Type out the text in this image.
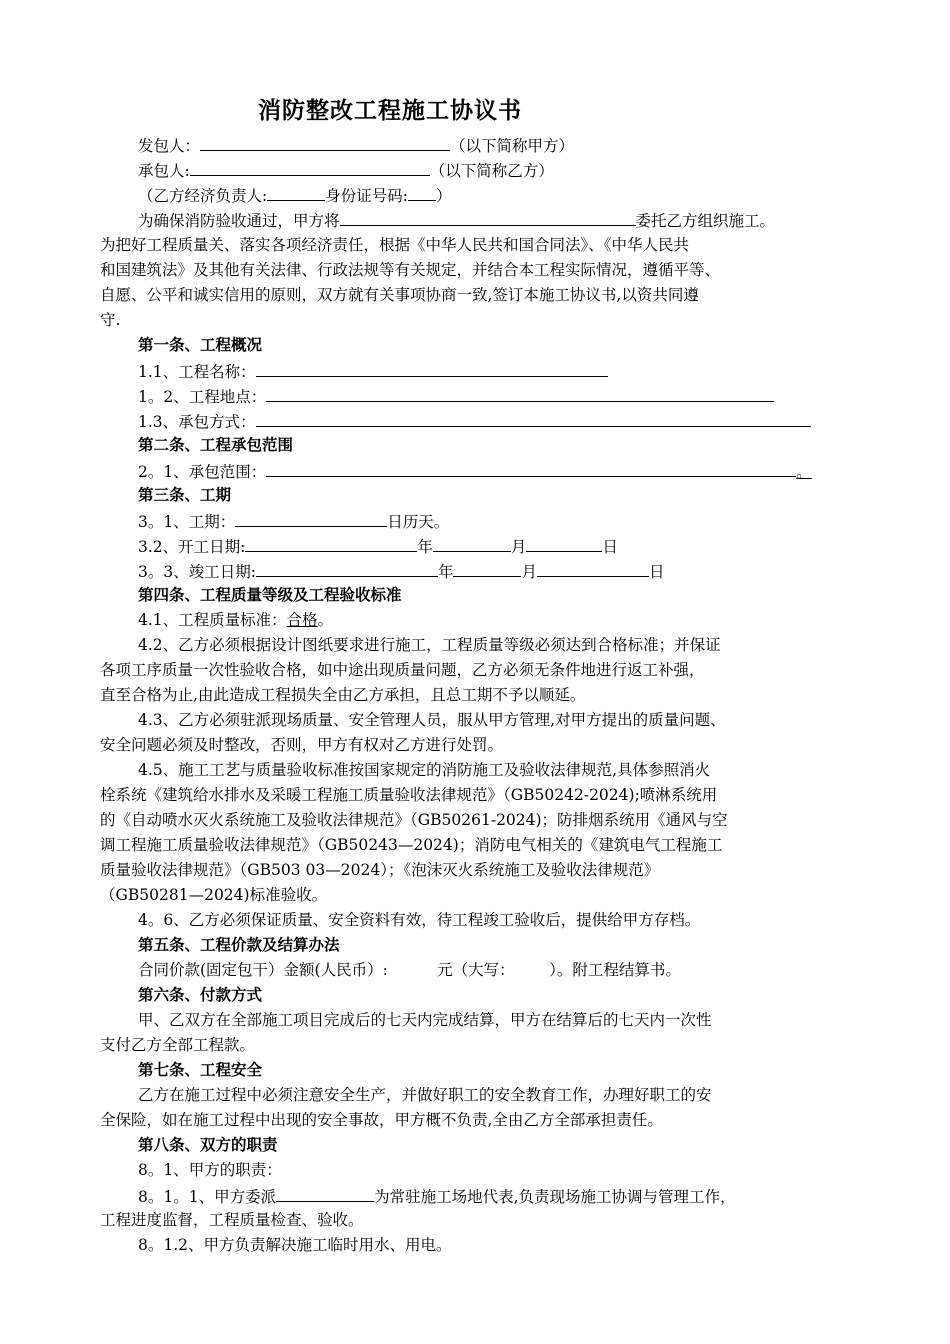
消防整改工程施工协议书
发包人：	（以下简称甲方）
承包人:	（以下简称乙方）
（乙方经济负责人:	身份证号码: ）
为确保消防验收通过，甲方将	委托乙方组织施工。
为把好工程质量关、落实各项经济责任，根据《中华人民共和国合同法》、《中华人民共
和国建筑法》及其他有关法律、行政法规等有关规定，并结合本工程实际情况，遵循平等、
自愿、公平和诚实信用的原则，双方就有关事项协商一致,签订本施工协议书,以资共同遵
守.
第一条、工程概况
1.1、工程名称：
1。2、工程地点：
1.3、承包方式：
第二条、工程承包范围
2。1、承包范围：	。
第三条、工期
3。1、工期：	日历天。
3.2、开工日期:	年	月	日
3。3、竣工日期:	年	月	日
第四条、工程质量等级及工程验收标准
4.1、工程质量标准：合格。
4.2、乙方必须根据设计图纸要求进行施工，工程质量等级必须达到合格标准；并保证
各项工序质量一次性验收合格，如中途出现质量问题，乙方必须无条件地进行返工补强，
直至合格为止,由此造成工程损失全由乙方承担，且总工期不予以顺延。
4.3、乙方必须驻派现场质量、安全管理人员，服从甲方管理,对甲方提出的质量问题、
安全问题必须及时整改，否则，甲方有权对乙方进行处罚。
4.5、施工工艺与质量验收标准按国家规定的消防施工及验收法律规范,具体参照消火
栓系统《建筑给水排水及采暖工程施工质量验收法律规范》（GB50242-2024);喷淋系统用
的《自动喷水灭火系统施工及验收法律规范》（GB50261-2024)；防排烟系统用《通风与空
调工程施工质量验收法律规范》（GB50243—2024)；消防电气相关的《建筑电气工程施工
质量验收法律规范》（GB503 03—2024）；《泡沫灭火系统施工及验收法律规范》
（GB50281—2024)标准验收。
4。6、乙方必须保证质量、安全资料有效，待工程竣工验收后，提供给甲方存档。
第五条、工程价款及结算办法
合同价款(固定包干）金额(人民币）:          元（大写：       ）。附工程结算书。
第六条、付款方式
甲、乙双方在全部施工项目完成后的七天内完成结算，甲方在结算后的七天内一次性
支付乙方全部工程款。
第七条、工程安全
乙方在施工过程中必须注意安全生产，并做好职工的安全教育工作，办理好职工的安
全保险，如在施工过程中出现的安全事故，甲方概不负责,全由乙方全部承担责任。
第八条、双方的职责
8。1、甲方的职责：
8。1。1、甲方委派	为常驻施工场地代表,负责现场施工协调与管理工作，
工程进度监督，工程质量检查、验收。
8。1.2、甲方负责解决施工临时用水、用电。
